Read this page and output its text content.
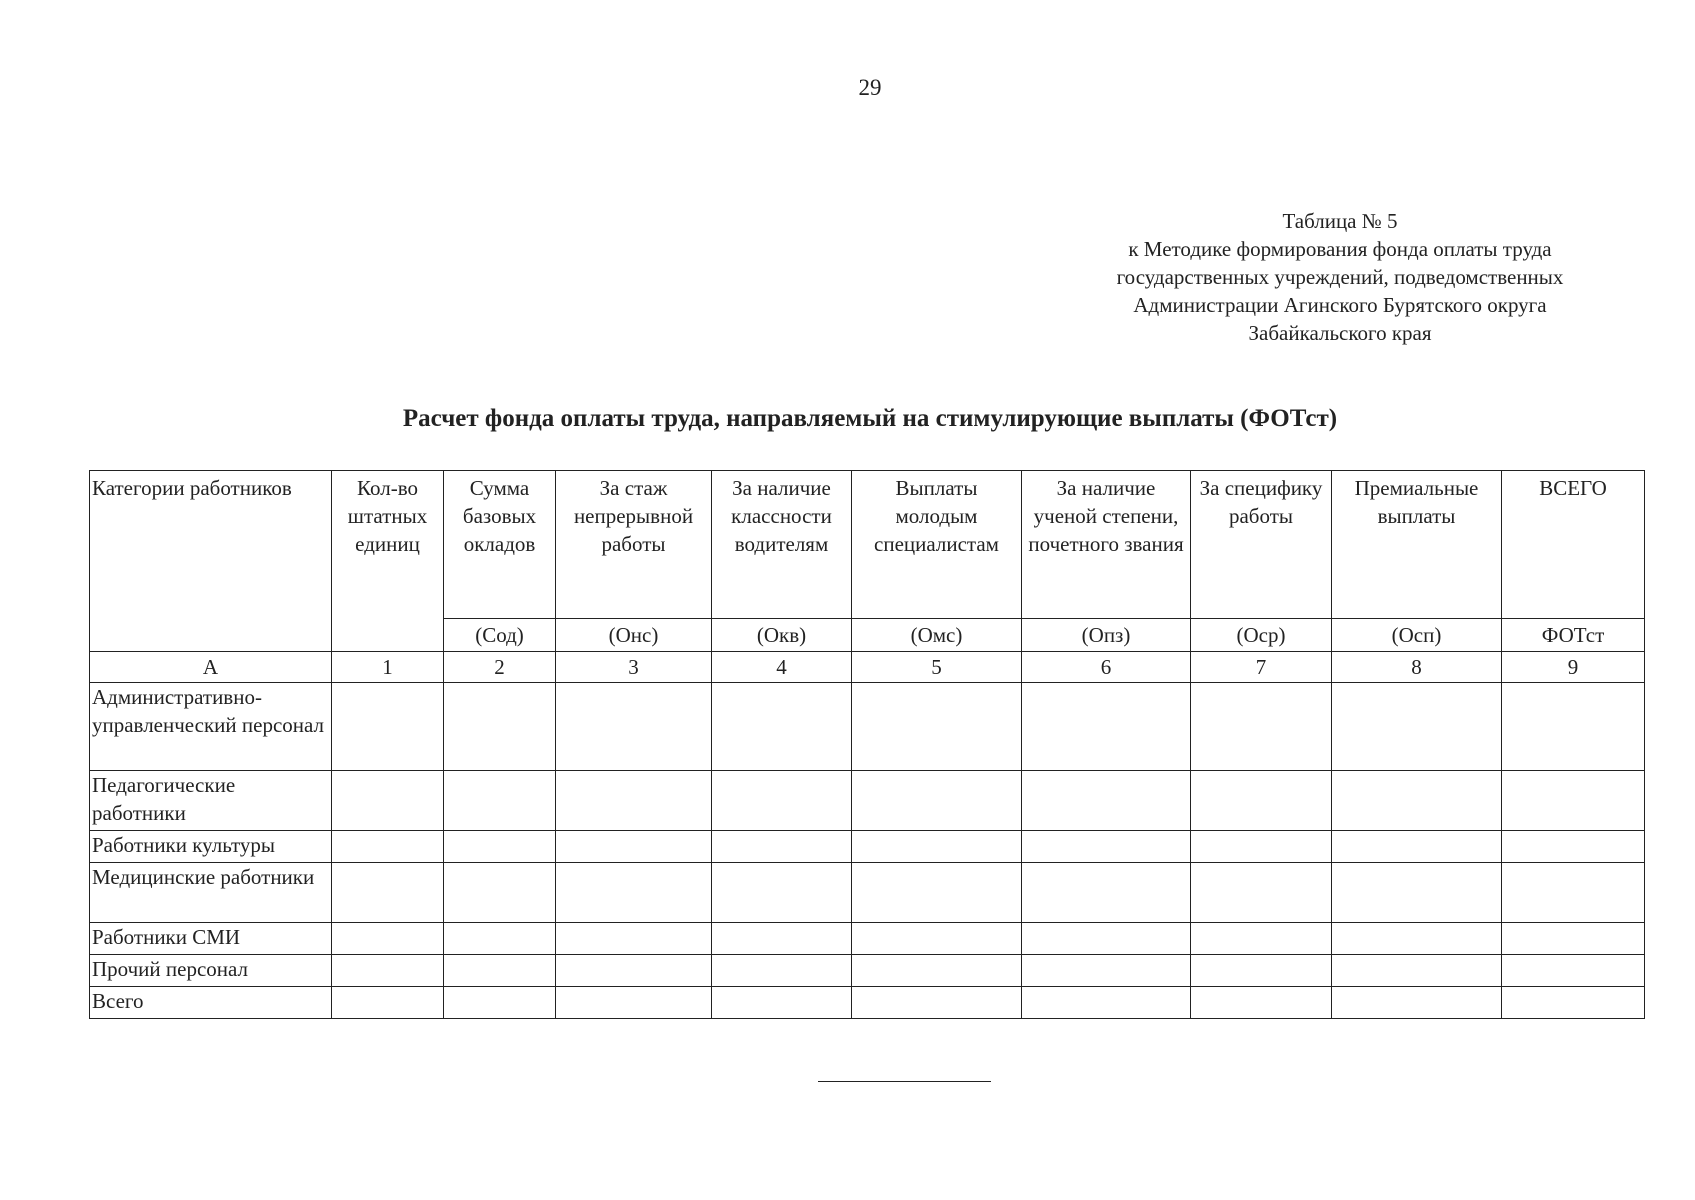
29
Таблица № 5
к Методике формирования фонда оплаты труда
государственных учреждений, подведомственных
Администрации Агинского Бурятского округа
Забайкальского края
Расчет фонда оплаты труда, направляемый на стимулирующие выплаты (ФОТст)
Категории работников	Кол-во штатных единиц	Сумма базовых окладов	За стаж непрерывной работы	За наличие классности водителям	Выплаты молодым специалистам	За наличие ученой степени, почетного звания	За специфику работы	Премиальные выплаты	ВСЕГО
		(Сод)	(Онс)	(Окв)	(Омс)	(Опз)	(Оср)	(Осп)	ФОТст
А	1	2	3	4	5	6	7	8	9
Административно-управленческий персонал									
Педагогические работники									
Работники культуры									
Медицинские работники									
Работники СМИ									
Прочий персонал									
Всего									
